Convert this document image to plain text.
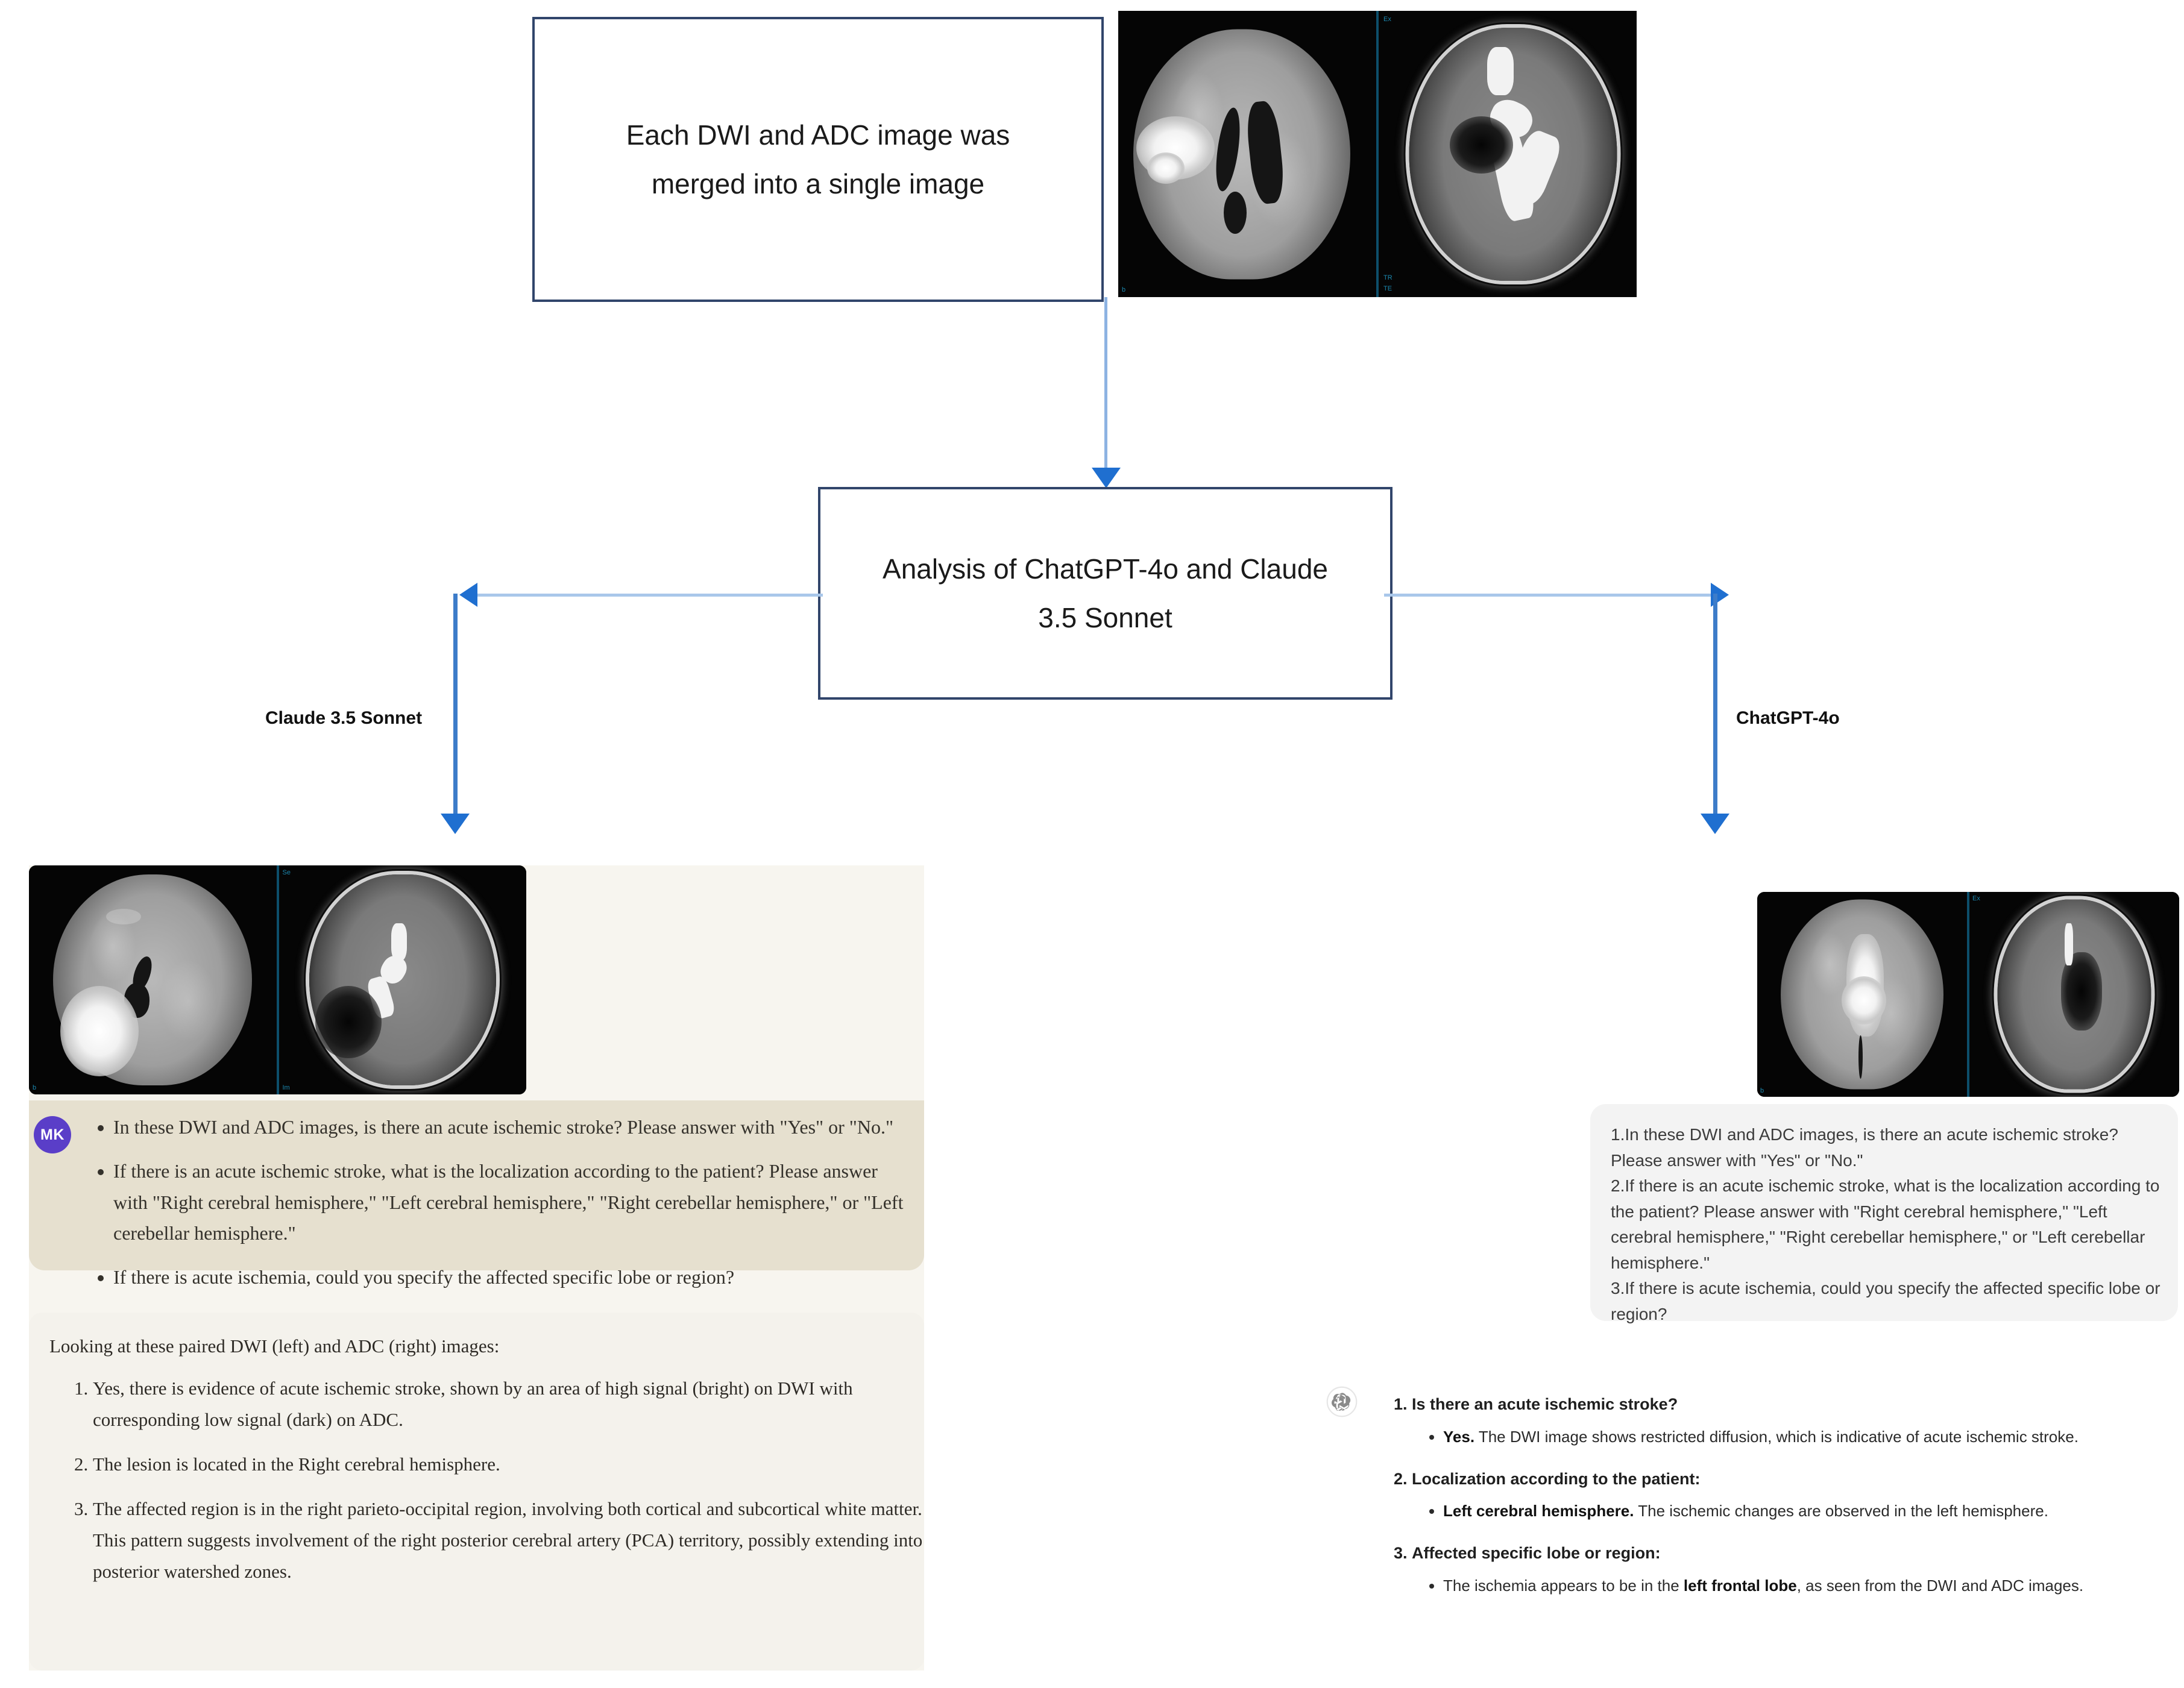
Each DWI and ADC image was merged into a single image
b
Ex
TR
TE
Analysis of ChatGPT-4o and Claude 3.5 Sonnet
Claude 3.5 Sonnet	ChatGPT-4o
b
Se
Im
MK	• In these DWI and ADC images, is there an acute ischemic stroke? Please answer with "Yes" or "No."
• If there is an acute ischemic stroke, what is the localization according to the patient? Please answer with "Right cerebral hemisphere," "Left cerebral hemisphere," "Right cerebellar hemisphere," or "Left cerebellar hemisphere."
• If there is acute ischemia, could you specify the affected specific lobe or region?
Looking at these paired DWI (left) and ADC (right) images:
1. Yes, there is evidence of acute ischemic stroke, shown by an area of high signal (bright) on DWI with corresponding low signal (dark) on ADC.
2. The lesion is located in the Right cerebral hemisphere.
3. The affected region is in the right parieto-occipital region, involving both cortical and subcortical white matter. This pattern suggests involvement of the right posterior cerebral artery (PCA) territory, possibly extending into posterior watershed zones.
b
Ex
1.In these DWI and ADC images, is there an acute ischemic stroke? Please answer with "Yes" or "No."
2.If there is an acute ischemic stroke, what is the localization according to the patient? Please answer with "Right cerebral hemisphere," "Left cerebral hemisphere," "Right cerebellar hemisphere," or "Left cerebellar hemisphere."
3.If there is acute ischemia, could you specify the affected specific lobe or region?
1. Is there an acute ischemic stroke?
• Yes. The DWI image shows restricted diffusion, which is indicative of acute ischemic stroke.
2. Localization according to the patient:
• Left cerebral hemisphere. The ischemic changes are observed in the left hemisphere.
3. Affected specific lobe or region:
• The ischemia appears to be in the left frontal lobe, as seen from the DWI and ADC images.
